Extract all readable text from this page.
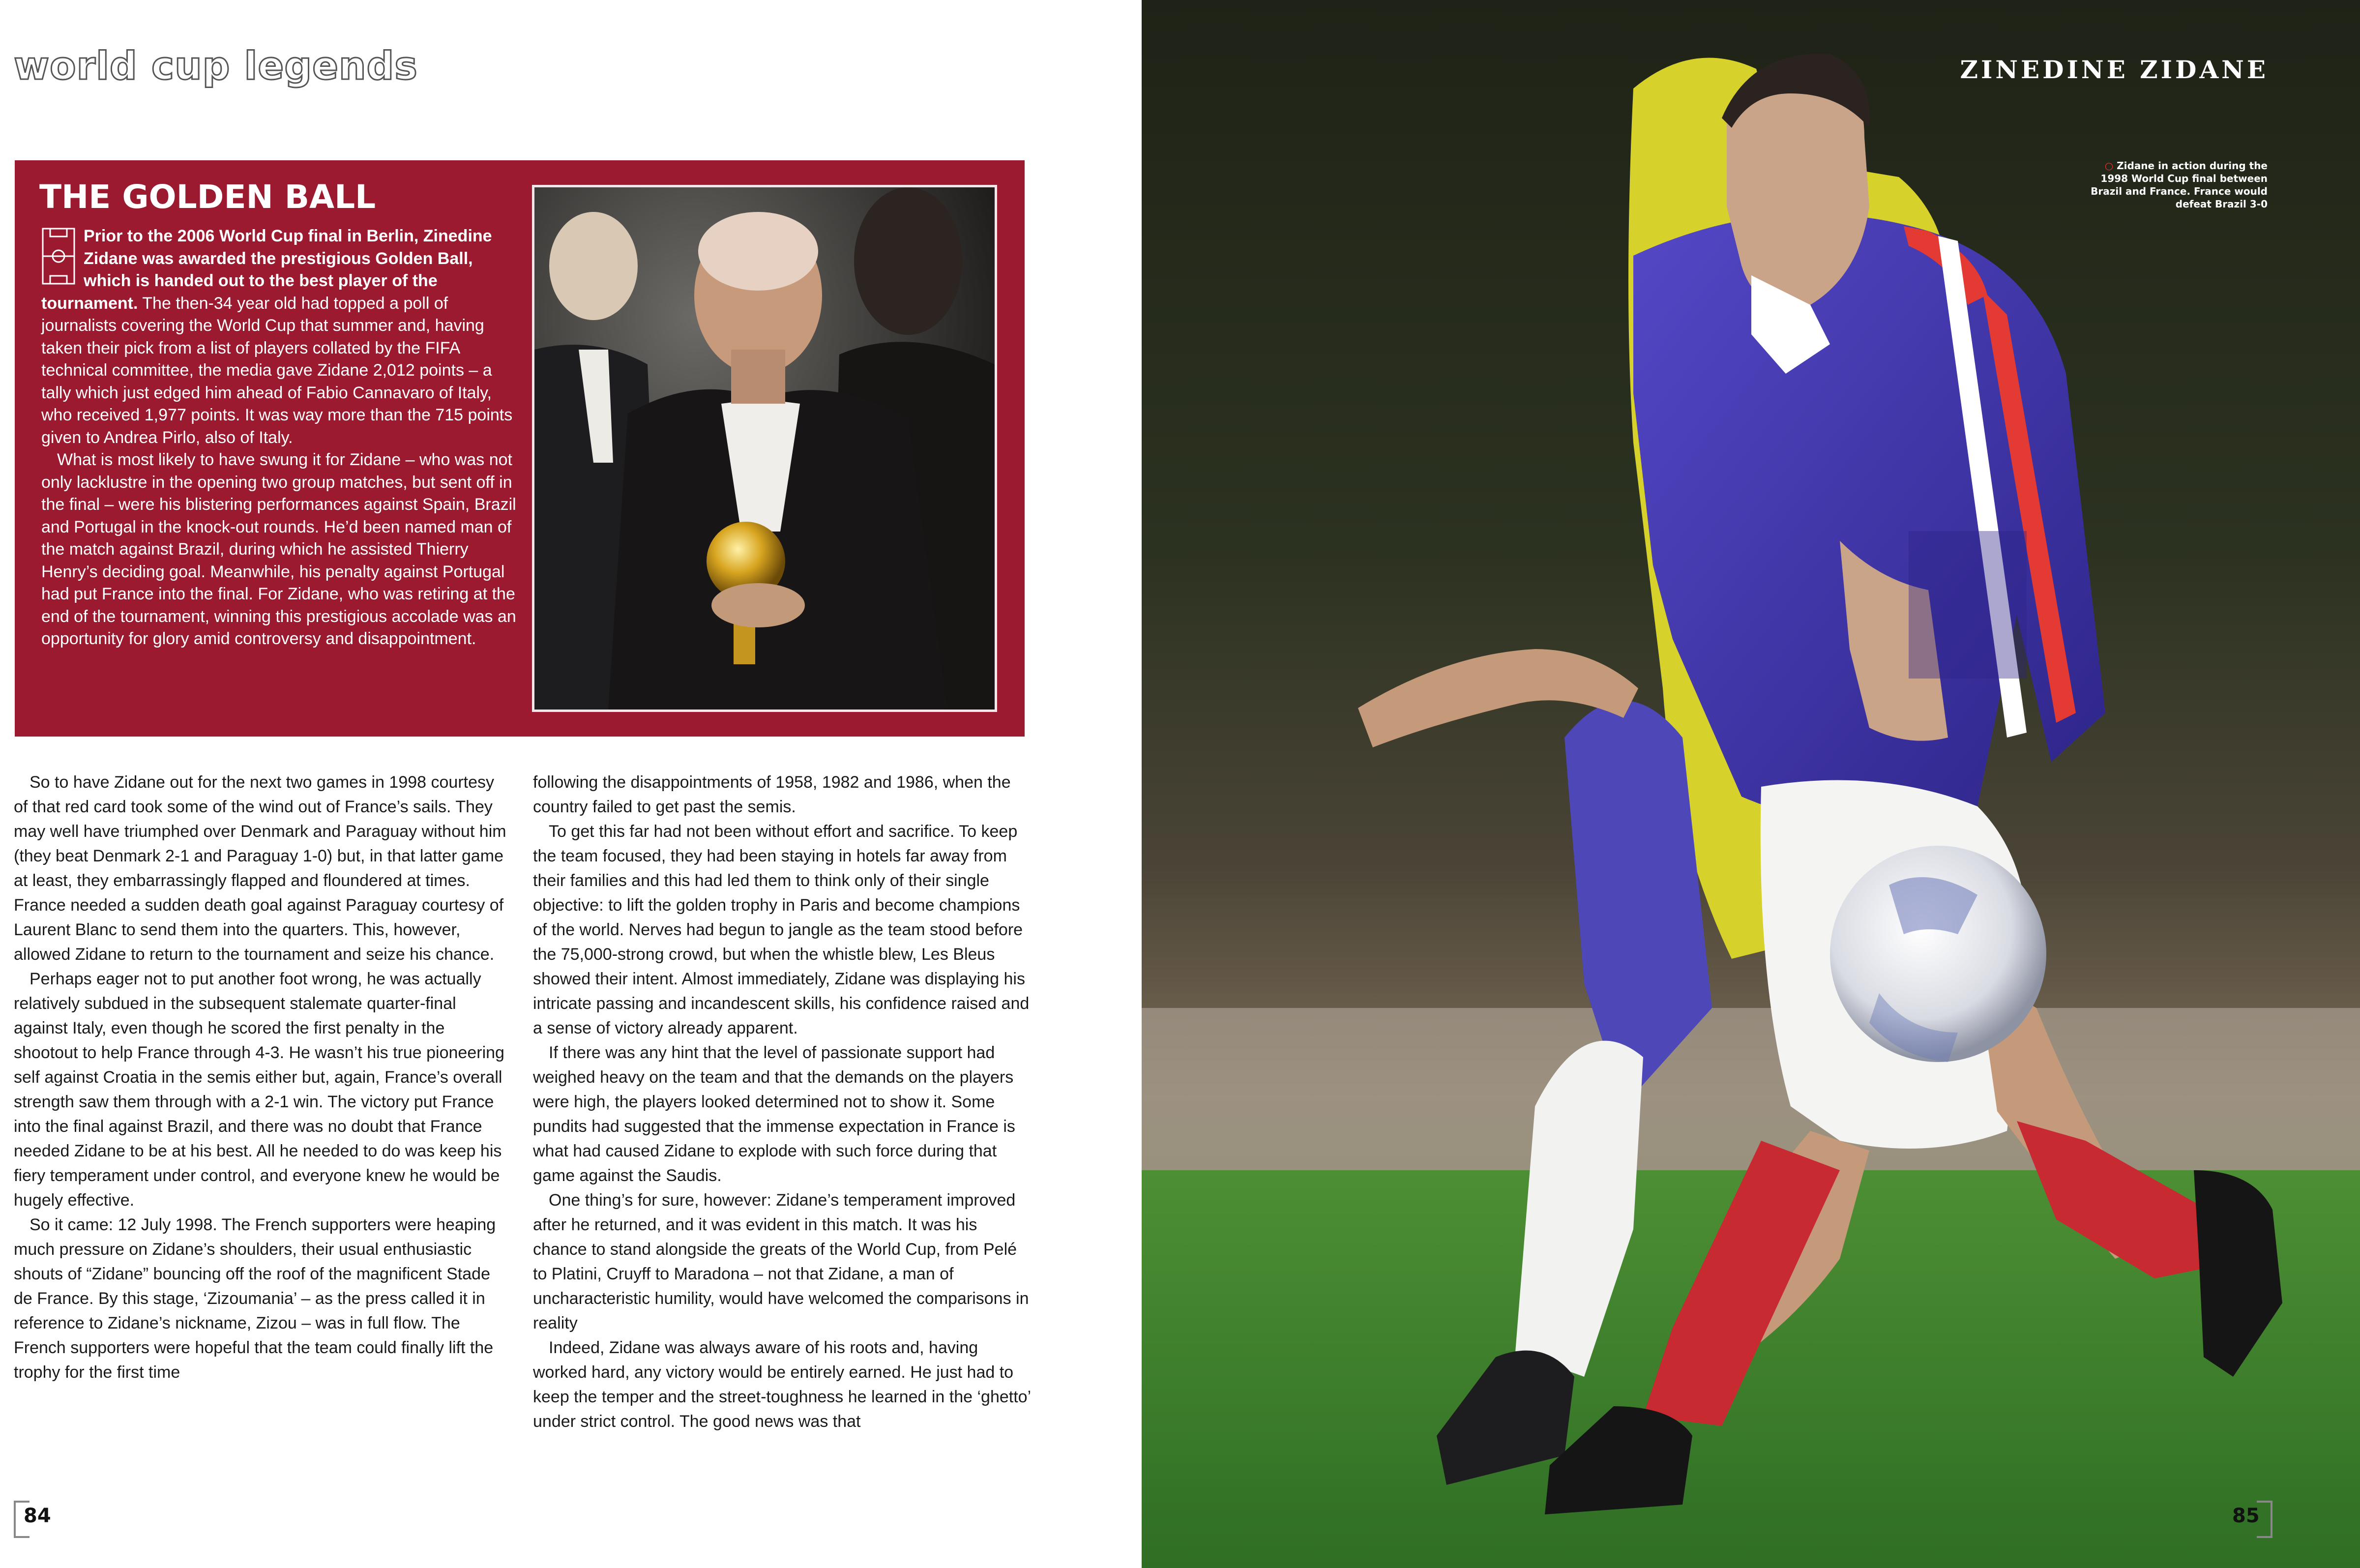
world cup legends
THE GOLDEN BALL

Prior to the 2006 World Cup final in Berlin, Zinedine Zidane was awarded the prestigious Golden Ball, which is handed out to the best player of the tournament. The then-34 year old had topped a poll of journalists covering the World Cup that summer and, having taken their pick from a list of players collated by the FIFA technical committee, the media gave Zidane 2,012 points – a tally which just edged him ahead of Fabio Cannavaro of Italy, who received 1,977 points. It was way more than the 715 points given to Andrea Pirlo, also of Italy.

What is most likely to have swung it for Zidane – who was not only lacklustre in the opening two group matches, but sent off in the final – were his blistering performances against Spain, Brazil and Portugal in the knock-out rounds. He’d been named man of the match against Brazil, during which he assisted Thierry Henry’s deciding goal. Meanwhile, his penalty against Portugal had put France into the final. For Zidane, who was retiring at the end of the tournament, winning this prestigious accolade was an opportunity for glory amid controversy and disappointment.

So to have Zidane out for the next two games in 1998 courtesy of that red card took some of the wind out of France’s sails. They may well have triumphed over Denmark and Paraguay without him (they beat Denmark 2-1 and Paraguay 1-0) but, in that latter game at least, they embarrassingly flapped and floundered at times. France needed a sudden death goal against Paraguay courtesy of Laurent Blanc to send them into the quarters. This, however, allowed Zidane to return to the tournament and seize his chance.

Perhaps eager not to put another foot wrong, he was actually relatively subdued in the subsequent stalemate quarter-final against Italy, even though he scored the first penalty in the shootout to help France through 4-3. He wasn’t his true pioneering self against Croatia in the semis either but, again, France’s overall strength saw them through with a 2-1 win. The victory put France into the final against Brazil, and there was no doubt that France needed Zidane to be at his best. All he needed to do was keep his fiery temperament under control, and everyone knew he would be hugely effective.

So it came: 12 July 1998. The French supporters were heaping much pressure on Zidane’s shoulders, their usual enthusiastic shouts of “Zidane” bouncing off the roof of the magnificent Stade de France. By this stage, ‘Zizoumania’ – as the press called it in reference to Zidane’s nickname, Zizou – was in full flow. The French supporters were hopeful that the team could finally lift the trophy for the first time

following the disappointments of 1958, 1982 and 1986, when the country failed to get past the semis.

To get this far had not been without effort and sacrifice. To keep the team focused, they had been staying in hotels far away from their families and this had led them to think only of their single objective: to lift the golden trophy in Paris and become champions of the world. Nerves had begun to jangle as the team stood before the 75,000-strong crowd, but when the whistle blew, Les Bleus showed their intent. Almost immediately, Zidane was displaying his intricate passing and incandescent skills, his confidence raised and a sense of victory already apparent.

If there was any hint that the level of passionate support had weighed heavy on the team and that the demands on the players were high, the players looked determined not to show it. Some pundits had suggested that the immense expectation in France is what had caused Zidane to explode with such force during that game against the Saudis.

One thing’s for sure, however: Zidane’s temperament improved after he returned, and it was evident in this match. It was his chance to stand alongside the greats of the World Cup, from Pelé to Platini, Cruyff to Maradona – not that Zidane, a man of uncharacteristic humility, would have welcomed the comparisons in reality

Indeed, Zidane was always aware of his roots and, having worked hard, any victory would be entirely earned. He just had to keep the temper and the street-toughness he learned in the ‘ghetto’ under strict control. The good news was that

84
ZINEDINE ZIDANE
○ Zidane in action during the 1998 World Cup final between Brazil and France. France would defeat Brazil 3-0
85
